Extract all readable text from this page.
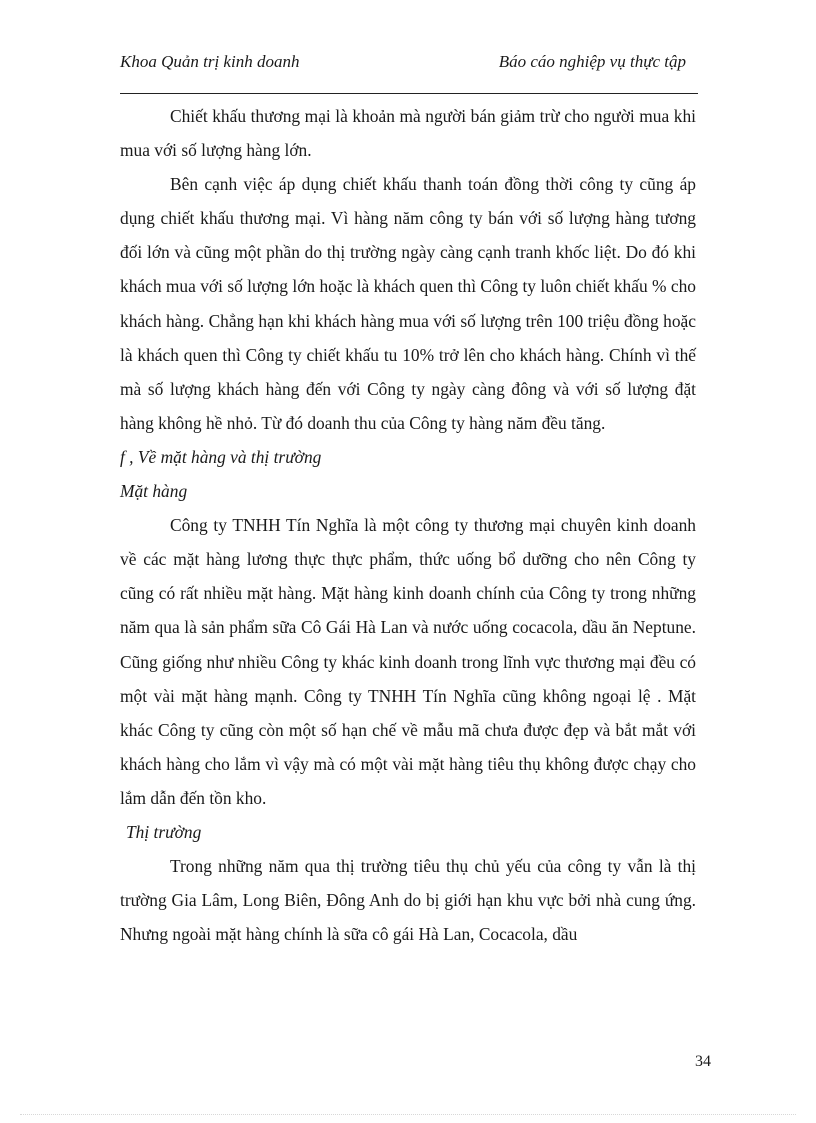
Khoa Quản trị kinh doanh	Báo cáo nghiệp vụ thực tập

Chiết khấu thương mại là khoản mà người bán giảm trừ cho người mua khi mua với số lượng hàng lớn.

Bên cạnh việc áp dụng chiết khấu thanh toán đồng thời công ty cũng áp dụng chiết khấu thương mại. Vì hàng năm công ty bán với số lượng hàng tương đối lớn và cũng một phần do thị trường ngày càng cạnh tranh khốc liệt. Do đó khi khách mua với số lượng lớn hoặc là khách quen thì Công ty luôn chiết khấu % cho khách hàng. Chẳng hạn khi khách hàng mua với số lượng trên 100 triệu đồng hoặc là khách quen thì Công ty chiết khấu tu 10% trở lên cho khách hàng. Chính vì thế mà số lượng khách hàng đến với Công ty ngày càng đông và với số lượng đặt hàng không hề nhỏ. Từ đó doanh thu của Công ty hàng năm đều tăng.

f , Về mặt hàng và thị trường

Mặt hàng

Công ty TNHH Tín Nghĩa là một công ty thương mại chuyên kinh doanh về các mặt hàng lương thực thực phẩm, thức uống bổ dưỡng cho nên Công ty cũng có rất nhiều mặt hàng. Mặt hàng kinh doanh chính của Công ty trong những năm qua là sản phẩm sữa Cô Gái Hà Lan và nước uống cocacola, dầu ăn Neptune. Cũng giống như nhiều Công ty khác kinh doanh trong lĩnh vực thương mại đều có một vài mặt hàng mạnh. Công ty TNHH Tín Nghĩa cũng không ngoại lệ . Mặt khác Công ty cũng còn một số hạn chế về mẫu mã chưa được đẹp và bắt mắt với khách hàng cho lắm vì vậy mà có một vài mặt hàng tiêu thụ không được chạy cho lắm dẫn đến tồn kho.

Thị trường

Trong những năm qua thị trường tiêu thụ chủ yếu của công ty vẫn là thị trường Gia Lâm, Long Biên, Đông Anh do bị giới hạn khu vực bởi nhà cung ứng. Nhưng ngoài mặt hàng chính là sữa cô gái Hà Lan, Cocacola, dầu

34
